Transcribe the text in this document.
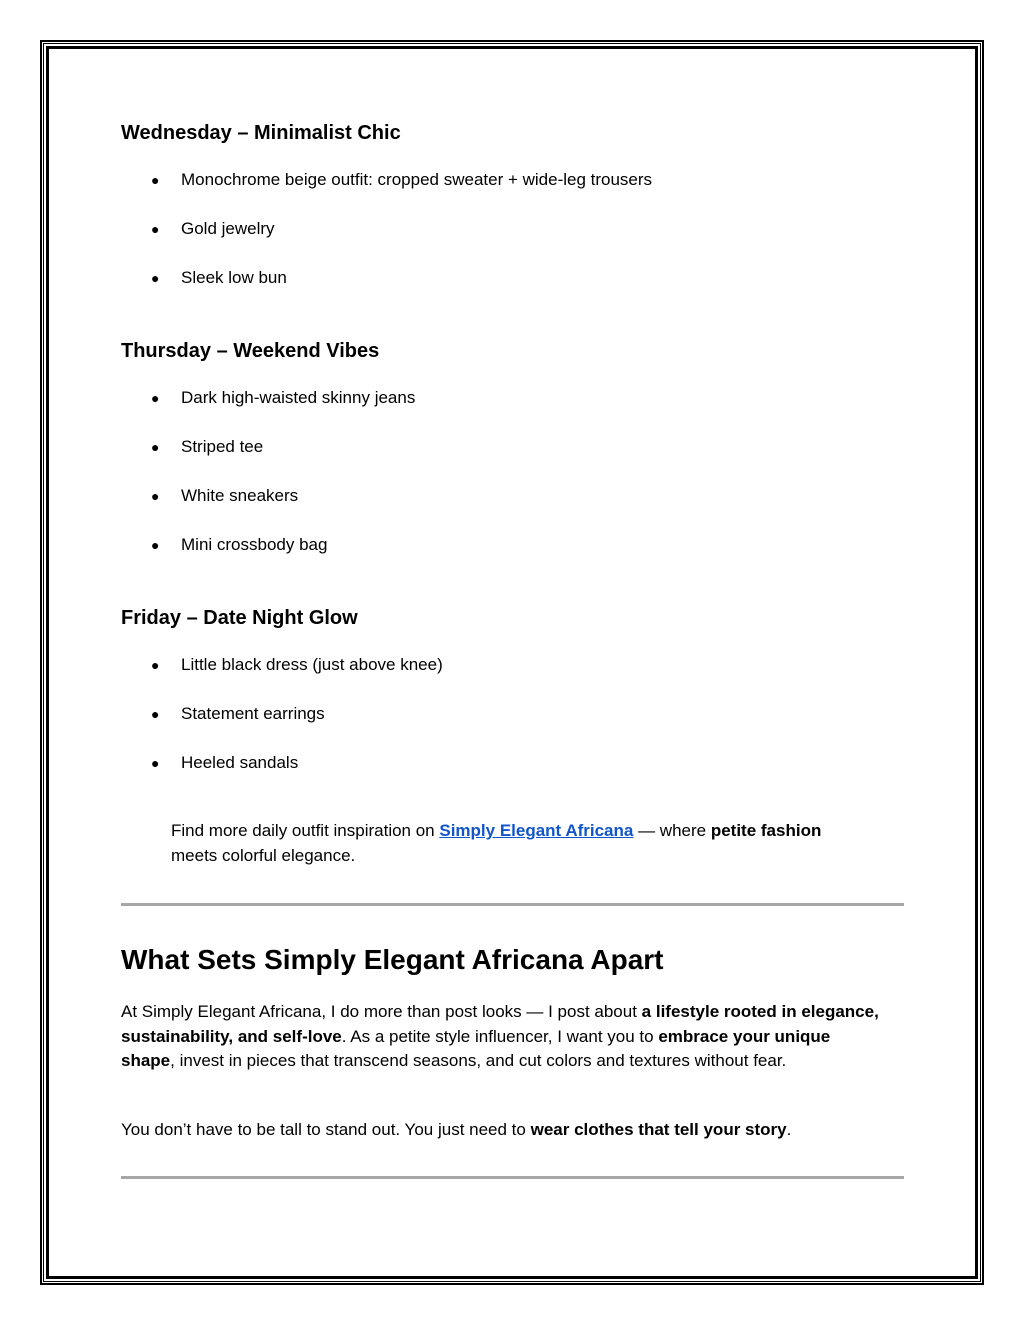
Wednesday – Minimalist Chic
● Monochrome beige outfit: cropped sweater + wide-leg trousers
● Gold jewelry
● Sleek low bun
Thursday – Weekend Vibes
● Dark high-waisted skinny jeans
● Striped tee
● White sneakers
● Mini crossbody bag
Friday – Date Night Glow
● Little black dress (just above knee)
● Statement earrings
● Heeled sandals

Find more daily outfit inspiration on Simply Elegant Africana — where petite fashion meets colorful elegance.

What Sets Simply Elegant Africana Apart

At Simply Elegant Africana, I do more than post looks — I post about a lifestyle rooted in elegance, sustainability, and self-love. As a petite style influencer, I want you to embrace your unique shape, invest in pieces that transcend seasons, and cut colors and textures without fear.

You don’t have to be tall to stand out. You just need to wear clothes that tell your story.
